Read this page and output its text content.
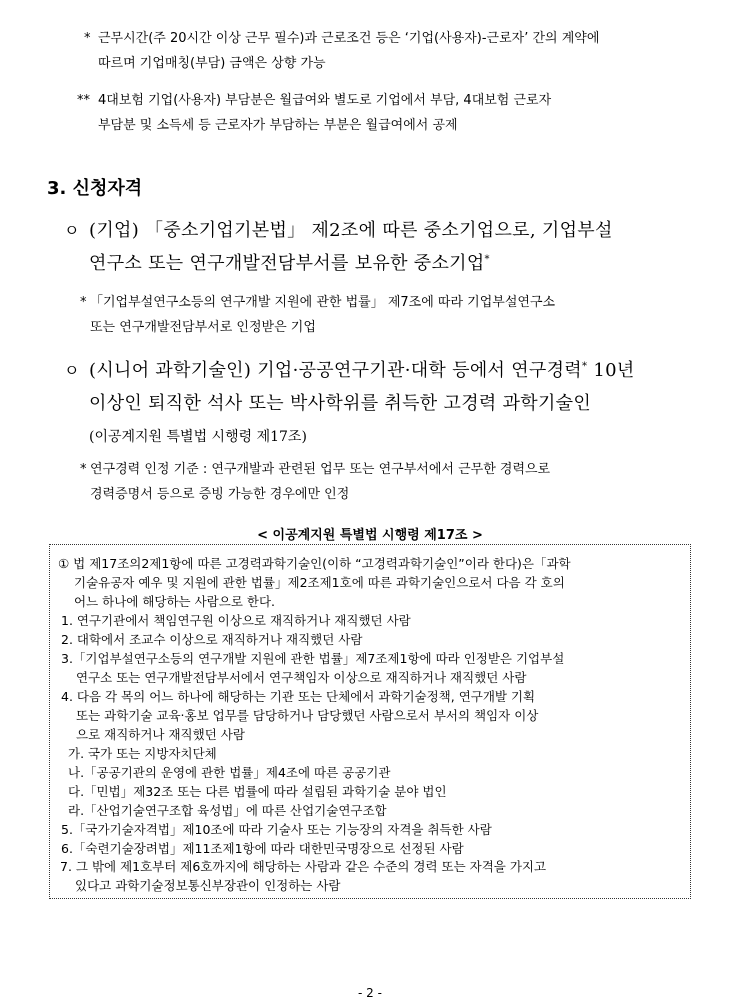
* 근무시간(주 20시간 이상 근무 필수)과 근로조건 등은 ‘기업(사용자)-근로자’ 간의 계약에
따르며 기업매칭(부담) 금액은 상향 가능
** 4대보험 기업(사용자) 부담분은 월급여와 별도로 기업에서 부담, 4대보험 근로자
부담분 및 소득세 등 근로자가 부담하는 부분은 월급여에서 공제
3. 신청자격
ㅇ (기업) 「중소기업기본법」 제2조에 따른 중소기업으로, 기업부설
연구소 또는 연구개발전담부서를 보유한 중소기업*
* 「기업부설연구소등의 연구개발 지원에 관한 법률」 제7조에 따라 기업부설연구소
또는 연구개발전담부서로 인정받은 기업
ㅇ (시니어 과학기술인) 기업·공공연구기관·대학 등에서 연구경력* 10년
이상인 퇴직한 석사 또는 박사학위를 취득한 고경력 과학기술인
(이공계지원 특별법 시행령 제17조)
* 연구경력 인정 기준 : 연구개발과 관련된 업무 또는 연구부서에서 근무한 경력으로
경력증명서 등으로 증빙 가능한 경우에만 인정
< 이공계지원 특별법 시행령 제17조 >
① 법 제17조의2제1항에 따른 고경력과학기술인(이하 “고경력과학기술인”이라 한다)은「과학
기술유공자 예우 및 지원에 관한 법률」제2조제1호에 따른 과학기술인으로서 다음 각 호의
어느 하나에 해당하는 사람으로 한다.
1. 연구기관에서 책임연구원 이상으로 재직하거나 재직했던 사람
2. 대학에서 조교수 이상으로 재직하거나 재직했던 사람
3.「기업부설연구소등의 연구개발 지원에 관한 법률」제7조제1항에 따라 인정받은 기업부설
연구소 또는 연구개발전담부서에서 연구책임자 이상으로 재직하거나 재직했던 사람
4. 다음 각 목의 어느 하나에 해당하는 기관 또는 단체에서 과학기술정책, 연구개발 기획
또는 과학기술 교육‧홍보 업무를 담당하거나 담당했던 사람으로서 부서의 책임자 이상
으로 재직하거나 재직했던 사람
가. 국가 또는 지방자치단체
나.「공공기관의 운영에 관한 법률」제4조에 따른 공공기관
다.「민법」제32조 또는 다른 법률에 따라 설립된 과학기술 분야 법인
라.「산업기술연구조합 육성법」에 따른 산업기술연구조합
5.「국가기술자격법」제10조에 따라 기술사 또는 기능장의 자격을 취득한 사람
6.「숙련기술장려법」제11조제1항에 따라 대한민국명장으로 선정된 사람
7. 그 밖에 제1호부터 제6호까지에 해당하는 사람과 같은 수준의 경력 또는 자격을 가지고
있다고 과학기술정보통신부장관이 인정하는 사람
- 2 -
